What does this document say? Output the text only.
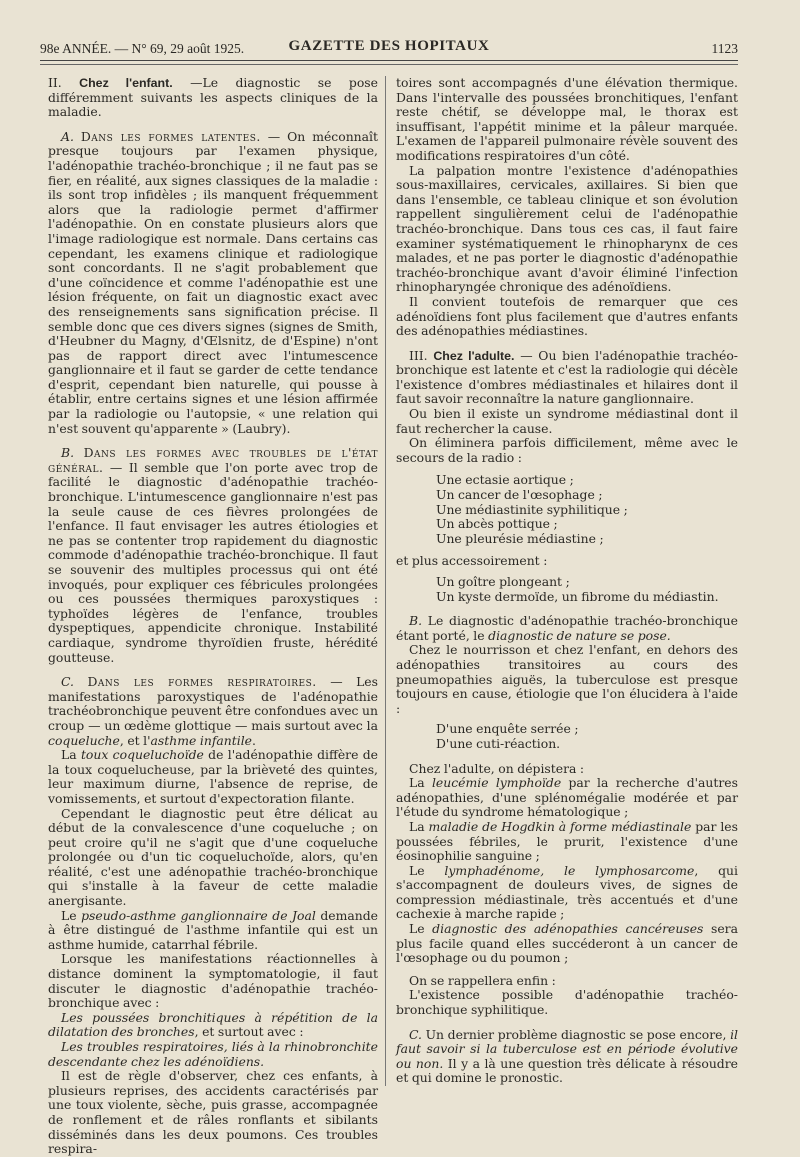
98e ANNÉE. — N° 69, 29 août 1925.	GAZETTE DES HOPITAUX	1123

II. Chez l'enfant. —Le diagnostic se pose différemment suivants les aspects cliniques de la maladie.

A. Dans les formes latentes. — On méconnaît presque toujours par l'examen physique, l'adénopathie trachéo-bronchique ; il ne faut pas se fier, en réalité, aux signes classiques de la maladie : ils sont trop infidèles ; ils manquent fréquemment alors que la radiologie permet d'affirmer l'adénopathie. On en constate plusieurs alors que l'image radiologique est normale. Dans certains cas cependant, les examens clinique et radiologique sont concordants. Il ne s'agit probablement que d'une coïncidence et comme l'adénopathie est une lésion fréquente, on fait un diagnostic exact avec des renseignements sans signification précise. Il semble donc que ces divers signes (signes de Smith, d'Heubner du Magny, d'Œlsnitz, de d'Espine) n'ont pas de rapport direct avec l'intumescence ganglionnaire et il faut se garder de cette tendance d'esprit, cependant bien naturelle, qui pousse à établir, entre certains signes et une lésion affirmée par la radiologie ou l'autopsie, « une relation qui n'est souvent qu'apparente » (Laubry).

B. Dans les formes avec troubles de l'état général. — Il semble que l'on porte avec trop de facilité le diagnostic d'adénopathie trachéo-bronchique. L'intumescence ganglionnaire n'est pas la seule cause de ces fièvres prolongées de l'enfance. Il faut envisager les autres étiologies et ne pas se contenter trop rapidement du diagnostic commode d'adénopathie trachéo-bronchique. Il faut se souvenir des multiples processus qui ont été invoqués, pour expliquer ces fébricules prolongées ou ces poussées thermiques paroxystiques : typhoïdes légères de l'enfance, troubles dyspeptiques, appendicite chronique. Instabilité cardiaque, syndrome thyroïdien fruste, hérédité goutteuse.

C. Dans les formes respiratoires. — Les manifestations paroxystiques de l'adénopathie trachéobronchique peuvent être confondues avec un croup — un œdème glottique — mais surtout avec la coqueluche, et l'asthme infantile.

La toux coqueluchoïde de l'adénopathie diffère de la toux coquelucheuse, par la brièveté des quintes, leur maximum diurne, l'absence de reprise, de vomissements, et surtout d'expectoration filante.

Cependant le diagnostic peut être délicat au début de la convalescence d'une coqueluche ; on peut croire qu'il ne s'agit que d'une coqueluche prolongée ou d'un tic coqueluchoïde, alors, qu'en réalité, c'est une adénopathie trachéo-bronchique qui s'installe à la faveur de cette maladie anergisante.

Le pseudo-asthme ganglionnaire de Joal demande à être distingué de l'asthme infantile qui est un asthme humide, catarrhal fébrile.

Lorsque les manifestations réactionnelles à distance dominent la symptomatologie, il faut discuter le diagnostic d'adénopathie trachéo-bronchique avec :

Les poussées bronchitiques à répétition de la dilatation des bronches, et surtout avec :

Les troubles respiratoires, liés à la rhinobronchite descendante chez les adénoïdiens.

Il est de règle d'observer, chez ces enfants, à plusieurs reprises, des accidents caractérisés par une toux violente, sèche, puis grasse, accompagnée de ronflement et de râles ronflants et sibilants disséminés dans les deux poumons. Ces troubles respira-

toires sont accompagnés d'une élévation thermique. Dans l'intervalle des poussées bronchitiques, l'enfant reste chétif, se développe mal, le thorax est insuffisant, l'appétit minime et la pâleur marquée. L'examen de l'appareil pulmonaire révèle souvent des modifications respiratoires d'un côté.

La palpation montre l'existence d'adénopathies sous-maxillaires, cervicales, axillaires. Si bien que dans l'ensemble, ce tableau clinique et son évolution rappellent singulièrement celui de l'adénopathie trachéo-bronchique. Dans tous ces cas, il faut faire examiner systématiquement le rhinopharynx de ces malades, et ne pas porter le diagnostic d'adénopathie trachéo-bronchique avant d'avoir éliminé l'infection rhinopharyngée chronique des adénoïdiens.

Il convient toutefois de remarquer que ces adénoïdiens font plus facilement que d'autres enfants des adénopathies médiastines.

III. Chez l'adulte. — Ou bien l'adénopathie trachéo-bronchique est latente et c'est la radiologie qui décèle l'existence d'ombres médiastinales et hilaires dont il faut savoir reconnaître la nature ganglionnaire.

Ou bien il existe un syndrome médiastinal dont il faut rechercher la cause.

On éliminera parfois difficilement, même avec le secours de la radio :

Une ectasie aortique ;

Un cancer de l'œsophage ;

Une médiastinite syphilitique ;

Un abcès pottique ;

Une pleurésie médiastine ;

et plus accessoirement :

Un goître plongeant ;

Un kyste dermoïde, un fibrome du médiastin.

B. Le diagnostic d'adénopathie trachéo-bronchique étant porté, le diagnostic de nature se pose.

Chez le nourrisson et chez l'enfant, en dehors des adénopathies transitoires au cours des pneumopathies aiguës, la tuberculose est presque toujours en cause, étiologie que l'on élucidera à l'aide :

D'une enquête serrée ;

D'une cuti-réaction.

Chez l'adulte, on dépistera :

La leucémie lymphoïde par la recherche d'autres adénopathies, d'une splénomégalie modérée et par l'étude du syndrome hématologique ;

La maladie de Hogdkin à forme médiastinale par les poussées fébriles, le prurit, l'existence d'une éosinophilie sanguine ;

Le lymphadénome, le lymphosarcome, qui s'accompagnent de douleurs vives, de signes de compression médiastinale, très accentués et d'une cachexie à marche rapide ;

Le diagnostic des adénopathies cancéreuses sera plus facile quand elles succéderont à un cancer de l'œsophage ou du poumon ;

On se rappellera enfin :

L'existence possible d'adénopathie trachéo-bronchique syphilitique.

C. Un dernier problème diagnostic se pose encore, il faut savoir si la tuberculose est en période évolutive ou non. Il y a là une question très délicate à résoudre et qui domine le pronostic.
